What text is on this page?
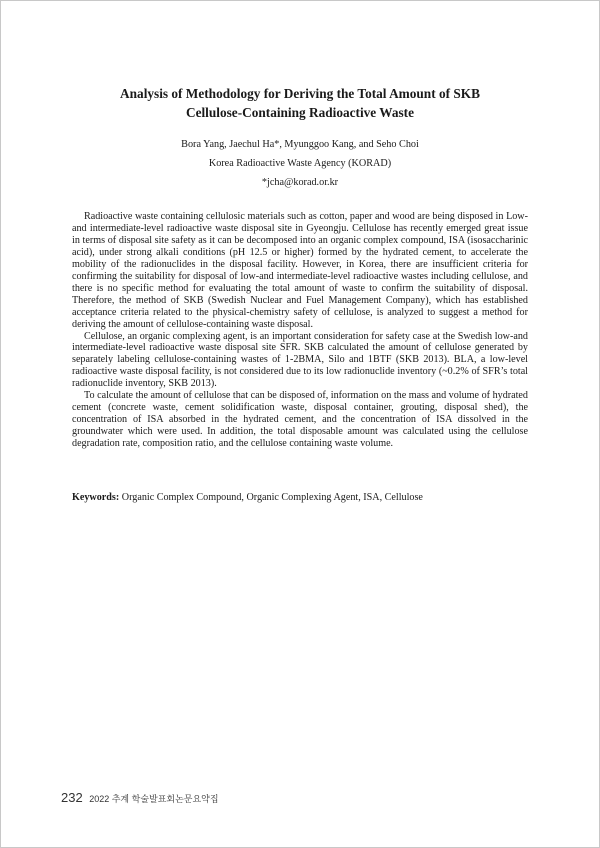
Analysis of Methodology for Deriving the Total Amount of SKB
Cellulose-Containing Radioactive Waste
Bora Yang, Jaechul Ha*, Myunggoo Kang, and Seho Choi
Korea Radioactive Waste Agency (KORAD)
*jcha@korad.or.kr

Radioactive waste containing cellulosic materials such as cotton, paper and wood are being disposed in Low-and intermediate-level radioactive waste disposal site in Gyeongju. Cellulose has recently emerged great issue in terms of disposal site safety as it can be decomposed into an organic complex compound, ISA (isosaccharinic acid), under strong alkali conditions (pH 12.5 or higher) formed by the hydrated cement, to accelerate the mobility of the radionuclides in the disposal facility. However, in Korea, there are insufficient criteria for confirming the suitability for disposal of low-and intermediate-level radioactive wastes including cellulose, and there is no specific method for evaluating the total amount of waste to confirm the suitability of disposal. Therefore, the method of SKB (Swedish Nuclear and Fuel Management Company), which has established acceptance criteria related to the physical-chemistry safety of cellulose, is analyzed to suggest a method for deriving the amount of cellulose-containing waste disposal.

Cellulose, an organic complexing agent, is an important consideration for safety case at the Swedish low-and intermediate-level radioactive waste disposal site SFR. SKB calculated the amount of cellulose generated by separately labeling cellulose-containing wastes of 1-2BMA, Silo and 1BTF (SKB 2013). BLA, a low-level radioactive waste disposal facility, is not considered due to its low radionuclide inventory (~0.2% of SFR’s total radionuclide inventory, SKB 2013).

To calculate the amount of cellulose that can be disposed of, information on the mass and volume of hydrated cement (concrete waste, cement solidification waste, disposal container, grouting, disposal shed), the concentration of ISA absorbed in the hydrated cement, and the concentration of ISA dissolved in the groundwater which were used. In addition, the total disposable amount was calculated using the cellulose degradation rate, composition ratio, and the cellulose containing waste volume.

Keywords: Organic Complex Compound, Organic Complexing Agent, ISA, Cellulose
232 2022 추계 학술발표회논문요약집
